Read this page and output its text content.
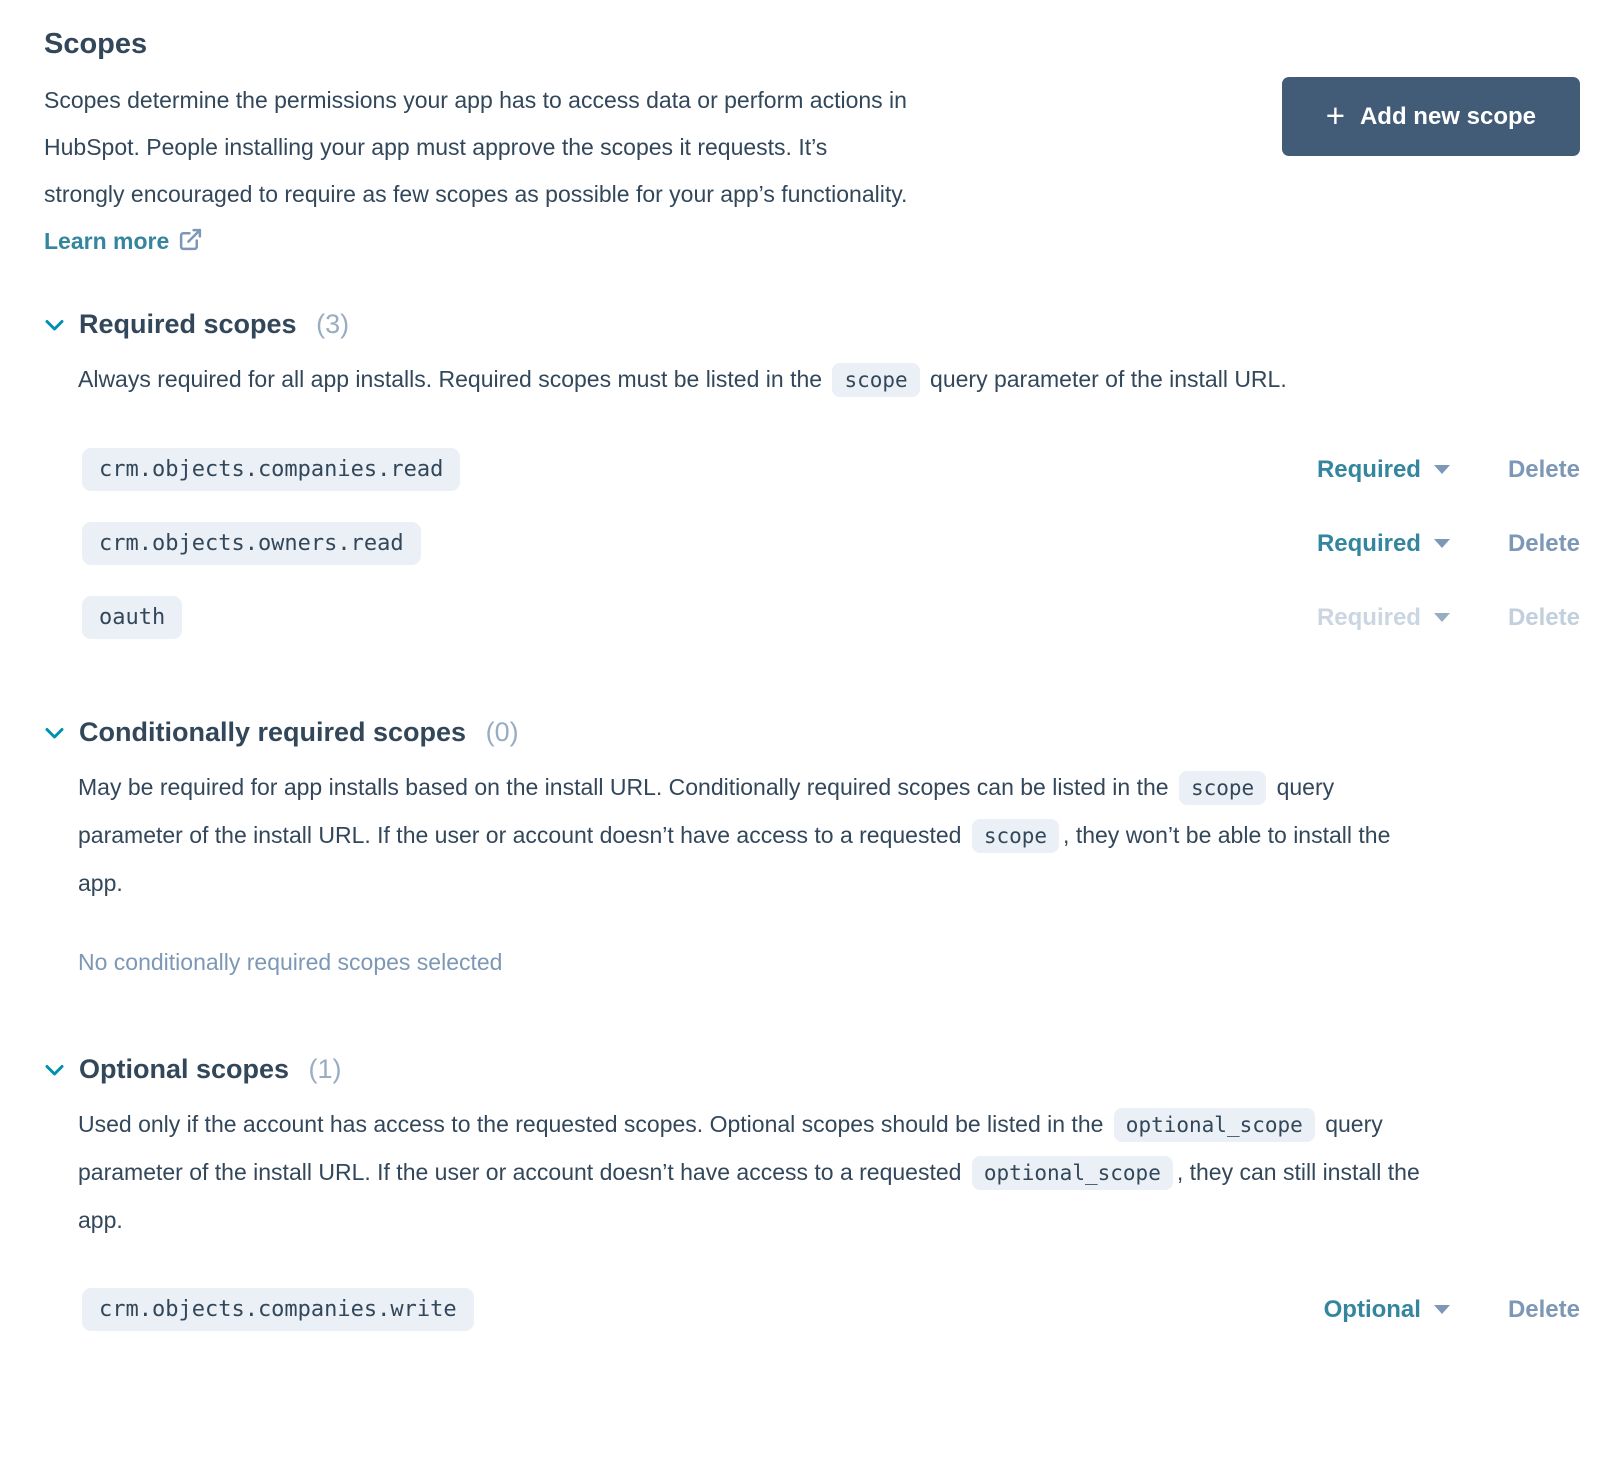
Scopes

Scopes determine the permissions your app has to access data or perform actions in HubSpot. People installing your app must approve the scopes it requests. It’s strongly encouraged to require as few scopes as possible for your app’s functionality. Learn more

+ Add new scope
Required scopes (3)

Always required for all app installs. Required scopes must be listed in the scope query parameter of the install URL.

crm.objects.companies.read	Required	Delete
crm.objects.owners.read	Required	Delete
oauth	Required	Delete
Conditionally required scopes (0)

May be required for app installs based on the install URL. Conditionally required scopes can be listed in the scope query parameter of the install URL. If the user or account doesn’t have access to a requested scope , they won’t be able to install the app.

No conditionally required scopes selected

Optional scopes (1)

Used only if the account has access to the requested scopes. Optional scopes should be listed in the optional_scope query parameter of the install URL. If the user or account doesn’t have access to a requested optional_scope , they can still install the app.

crm.objects.companies.write	Optional	Delete
